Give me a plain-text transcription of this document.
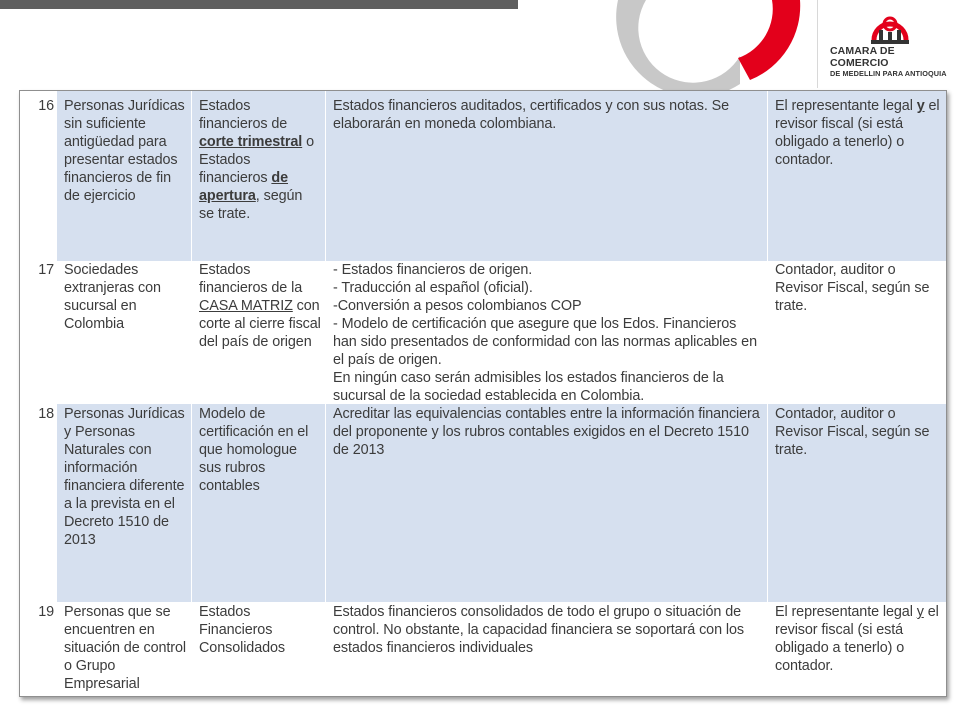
CAMARA DE COMERCIO
DE MEDELLIN PARA ANTIOQUIA
16 Personas Jurídicas sin suficiente antigüedad para presentar estados financieros de fin de ejercicio
Estados financieros de corte trimestral o Estados financieros de apertura, según se trate.
Estados financieros auditados, certificados y con sus notas. Se elaborarán en moneda colombiana.
El representante legal y el revisor fiscal (si está obligado a tenerlo) o contador.
17 Sociedades extranjeras con sucursal en Colombia
Estados financieros de la CASA MATRIZ con corte al cierre fiscal del país de origen
- Estados financieros de origen.
- Traducción al español (oficial).
-Conversión a pesos colombianos COP
- Modelo de certificación que asegure que los Edos. Financieros han sido presentados de conformidad con las normas aplicables en el país de origen.
En ningún caso serán admisibles los estados financieros de la sucursal de la sociedad establecida en Colombia.
Contador, auditor o Revisor Fiscal, según se trate.
18 Personas Jurídicas y Personas Naturales con información financiera diferente a la prevista en el Decreto 1510 de 2013
Modelo de certificación en el que homologue sus rubros contables
Acreditar las equivalencias contables entre la información financiera del proponente y los rubros contables exigidos en el Decreto 1510 de 2013
Contador, auditor o Revisor Fiscal, según se trate.
19 Personas que se encuentren en situación de control o Grupo Empresarial
Estados Financieros Consolidados
Estados financieros consolidados de todo el grupo o situación de control. No obstante, la capacidad financiera se soportará con los estados financieros individuales
El representante legal y el revisor fiscal (si está obligado a tenerlo) o contador.
